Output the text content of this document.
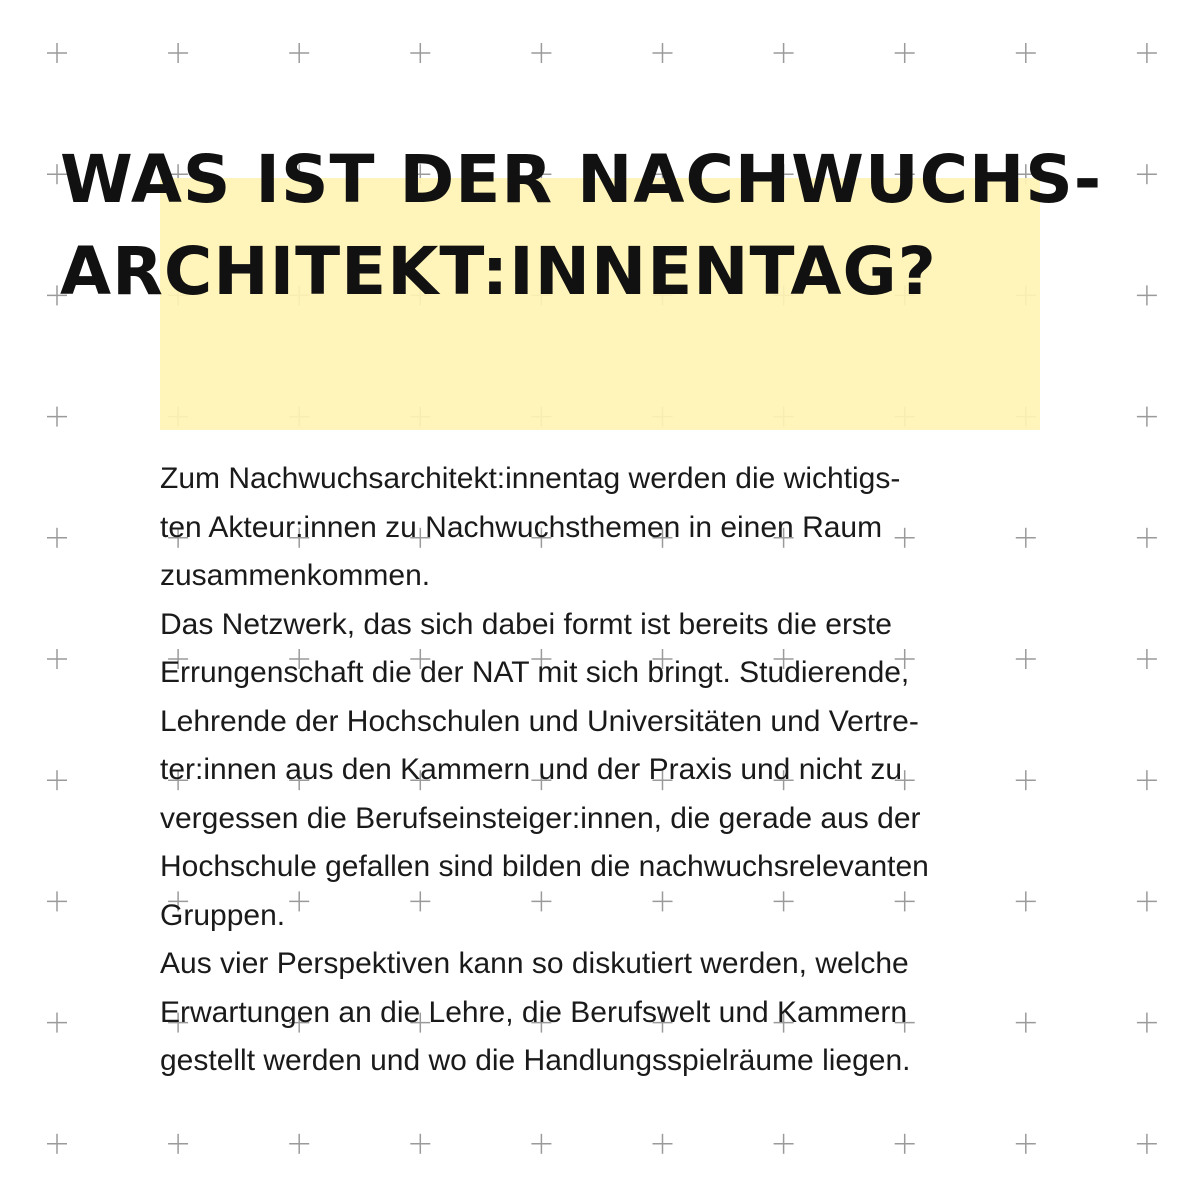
WAS IST DER NACHWUCHS-
ARCHITEKT:INNENTAG?
Zum Nachwuchsarchitekt:innentag werden die wichtigs-
ten Akteur:innen zu Nachwuchsthemen in einen Raum
zusammenkommen.
Das Netzwerk, das sich dabei formt ist bereits die erste
Errungenschaft die der NAT mit sich bringt. Studierende,
Lehrende der Hochschulen und Universitäten und Vertre-
ter:innen aus den Kammern und der Praxis und nicht zu
vergessen die Berufseinsteiger:innen, die gerade aus der
Hochschule gefallen sind bilden die nachwuchsrelevanten
Gruppen.
Aus vier Perspektiven kann so diskutiert werden, welche
Erwartungen an die Lehre, die Berufswelt und Kammern
gestellt werden und wo die Handlungsspielräume liegen.
